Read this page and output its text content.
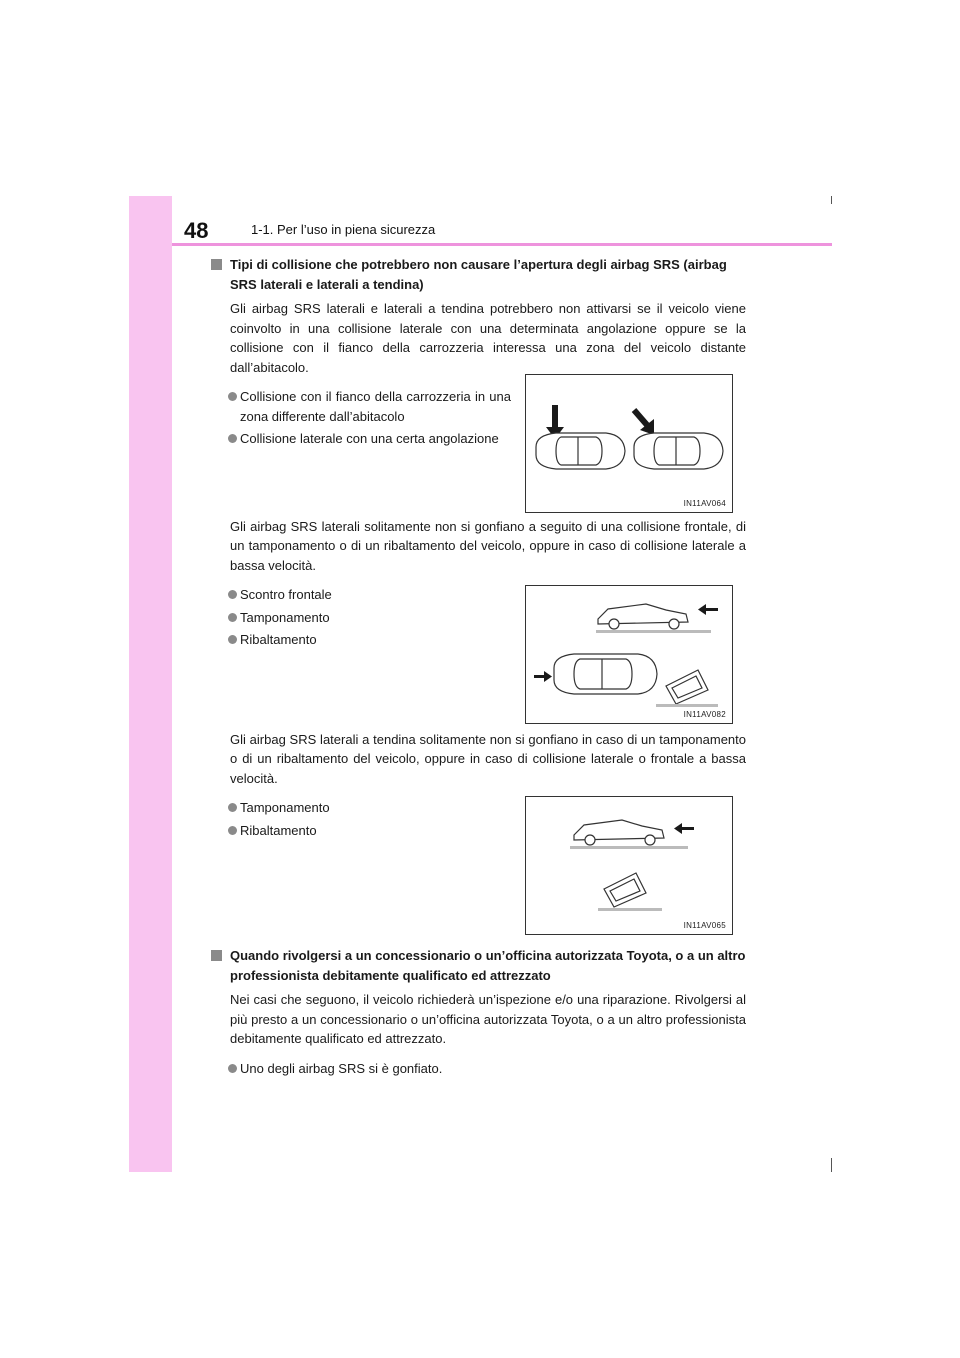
48	1-1. Per l’uso in piena sicurezza
Tipi di collisione che potrebbero non causare l’apertura degli airbag SRS (airbag SRS laterali e laterali a tendina)

Gli airbag SRS laterali e laterali a tendina potrebbero non attivarsi se il veicolo viene coinvolto in una collisione laterale con una determinata angolazione oppure se la collisione con il fianco della carrozzeria interessa una zona del veicolo distante dall’abitacolo.

Collisione con il fianco della carrozzeria in una zona differente dall’abitacolo
Collisione laterale con una certa angolazione

Gli airbag SRS laterali solitamente non si gonfiano a seguito di una collisione frontale, di un tamponamento o di un ribaltamento del veicolo, oppure in caso di collisione laterale a bassa velocità.

Scontro frontale
Tamponamento
Ribaltamento

Gli airbag SRS laterali a tendina solitamente non si gonfiano in caso di un tamponamento o di un ribaltamento del veicolo, oppure in caso di collisione laterale o frontale a bassa velocità.

Tamponamento
Ribaltamento
Quando rivolgersi a un concessionario o un’officina autorizzata Toyota, o a un altro professionista debitamente qualificato ed attrezzato

Nei casi che seguono, il veicolo richiederà un’ispezione e/o una riparazione. Rivolgersi al più presto a un concessionario o un’officina autorizzata Toyota, o a un altro professionista debitamente qualificato ed attrezzato.

Uno degli airbag SRS si è gonfiato.
IN11AV064
IN11AV082
IN11AV065
